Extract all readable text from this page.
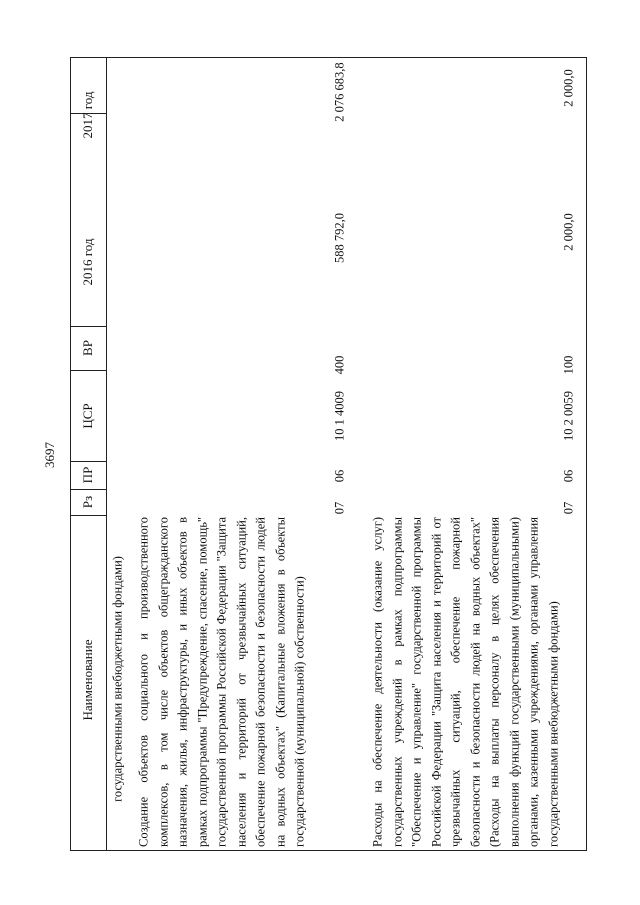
3697
Наименование
Рз
ПР
ЦСР
ВР
2016 год
2017 год
государственными внебюджетными фондами) Создание объектов социального и производственного комплексов, в том числе объектов общегражданского назначения, жилья, инфраструктуры, и иных объектов в рамках подпрограммы "Предупреждение, спасение, помощь" государственной программы Российской Федерации "Защита населения и территорий от чрезвычайных ситуаций, обеспечение пожарной безопасности и безопасности людей на водных объектах" (Капитальные вложения в объекты государственной (муниципальной) собственности)
07
06
10 1 4009
400
588 792,0
2 076 683,8
Расходы на обеспечение деятельности (оказание услуг) государственных учреждений в рамках подпрограммы "Обеспечение и управление" государственной программы Российской Федерации "Защита населения и территорий от чрезвычайных ситуаций, обеспечение пожарной безопасности и безопасности людей на водных объектах" (Расходы на выплаты персоналу в целях обеспечения выполнения функций государственными (муниципальными) органами, казенными учреждениями, органами управления государственными внебюджетными фондами)
07
06
10 2 0059
100
2 000,0
2 000,0
